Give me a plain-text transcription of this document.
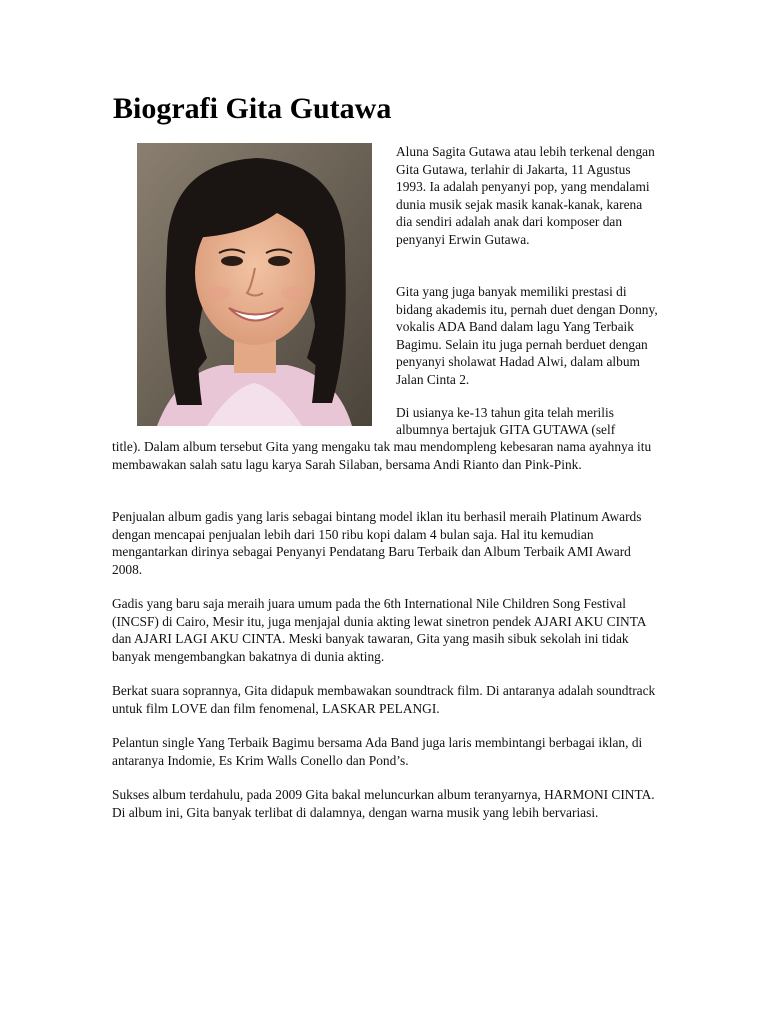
Biografi Gita Gutawa

Aluna Sagita Gutawa atau lebih terkenal dengan Gita Gutawa, terlahir di Jakarta, 11 Agustus 1993. Ia adalah penyanyi pop, yang mendalami dunia musik sejak masik kanak-kanak, karena dia sendiri adalah anak dari komposer dan penyanyi Erwin Gutawa.

Gita yang juga banyak memiliki prestasi di bidang akademis itu, pernah duet dengan Donny, vokalis ADA Band dalam lagu Yang Terbaik Bagimu. Selain itu juga pernah berduet dengan penyanyi sholawat Hadad Alwi, dalam album Jalan Cinta 2.

Di usianya ke-13 tahun gita telah merilis

albumnya bertajuk GITA GUTAWA (self

title). Dalam album tersebut Gita yang mengaku tak mau mendompleng kebesaran nama ayahnya itu membawakan salah satu lagu karya Sarah Silaban, bersama Andi Rianto dan Pink-Pink.

Penjualan album gadis yang laris sebagai bintang model iklan itu berhasil meraih Platinum Awards dengan mencapai penjualan lebih dari 150 ribu kopi dalam 4 bulan saja. Hal itu kemudian mengantarkan dirinya sebagai Penyanyi Pendatang Baru Terbaik dan Album Terbaik AMI Award 2008.

Gadis yang baru saja meraih juara umum pada the 6th International Nile Children Song Festival (INCSF) di Cairo, Mesir itu, juga menjajal dunia akting lewat sinetron pendek AJARI AKU CINTA dan AJARI LAGI AKU CINTA. Meski banyak tawaran, Gita yang masih sibuk sekolah ini tidak banyak mengembangkan bakatnya di dunia akting.

Berkat suara soprannya, Gita didapuk membawakan soundtrack film. Di antaranya adalah soundtrack untuk film LOVE dan film fenomenal, LASKAR PELANGI.

Pelantun single Yang Terbaik Bagimu bersama Ada Band juga laris membintangi berbagai iklan, di antaranya Indomie, Es Krim Walls Conello dan Pond’s.

Sukses album terdahulu, pada 2009 Gita bakal meluncurkan album teranyarnya, HARMONI CINTA. Di album ini, Gita banyak terlibat di dalamnya, dengan warna musik yang lebih bervariasi.
